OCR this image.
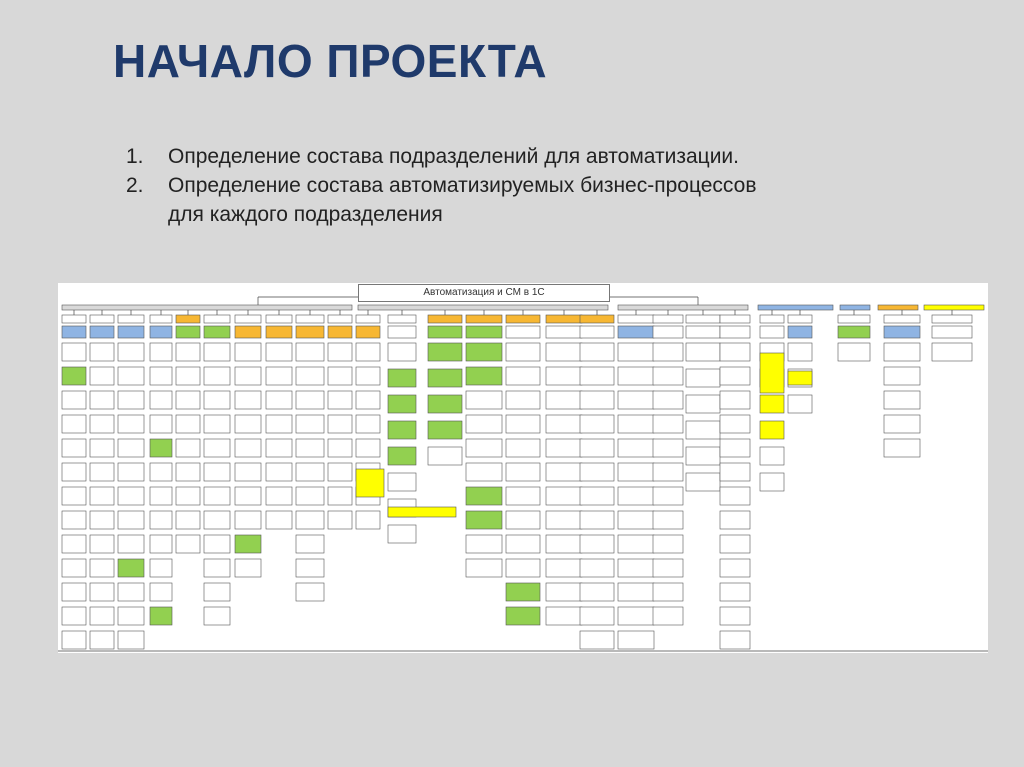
НАЧАЛО ПРОЕКТА
1.	Определение состава подразделений для автоматизации.
2.	Определение состава автоматизируемых бизнес-процессов для каждого подразделения
Автоматизация и СМ в 1С
